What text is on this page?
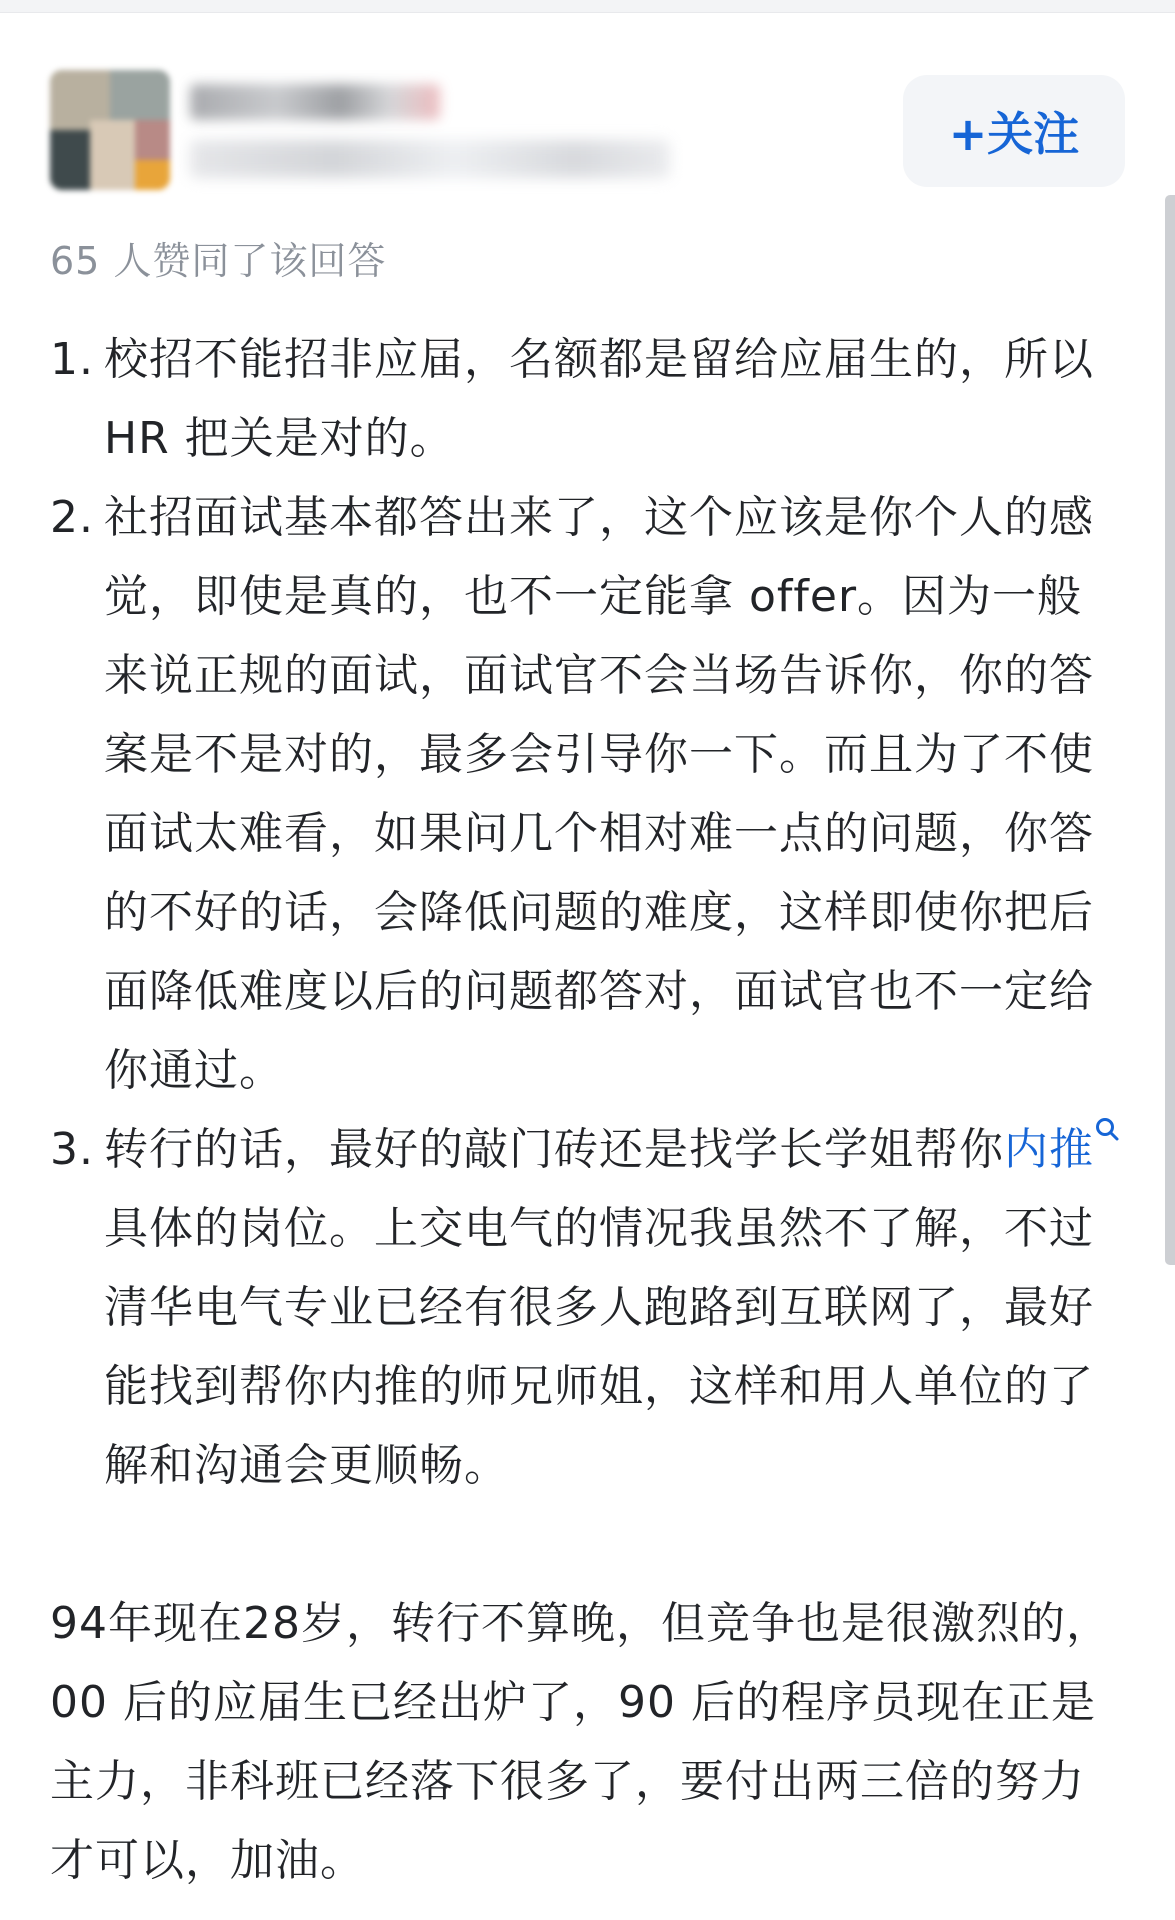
+关注
65 人赞同了该回答
1. 校招不能招非应届，名额都是留给应届生的，所以 HR 把关是对的。
2. 社招面试基本都答出来了，这个应该是你个人的感觉，即使是真的，也不一定能拿 offer。因为一般来说正规的面试，面试官不会当场告诉你，你的答案是不是对的，最多会引导你一下。而且为了不使面试太难看，如果问几个相对难一点的问题，你答的不好的话，会降低问题的难度，这样即使你把后面降低难度以后的问题都答对，面试官也不一定给你通过。
3. 转行的话，最好的敲门砖还是找学长学姐帮你内推具体的岗位。上交电气的情况我虽然不了解，不过清华电气专业已经有很多人跑路到互联网了，最好能找到帮你内推的师兄师姐，这样和用人单位的了解和沟通会更顺畅。

94年现在28岁，转行不算晚，但竞争也是很激烈的，00 后的应届生已经出炉了，90 后的程序员现在正是主力，非科班已经落下很多了，要付出两三倍的努力才可以，加油。
